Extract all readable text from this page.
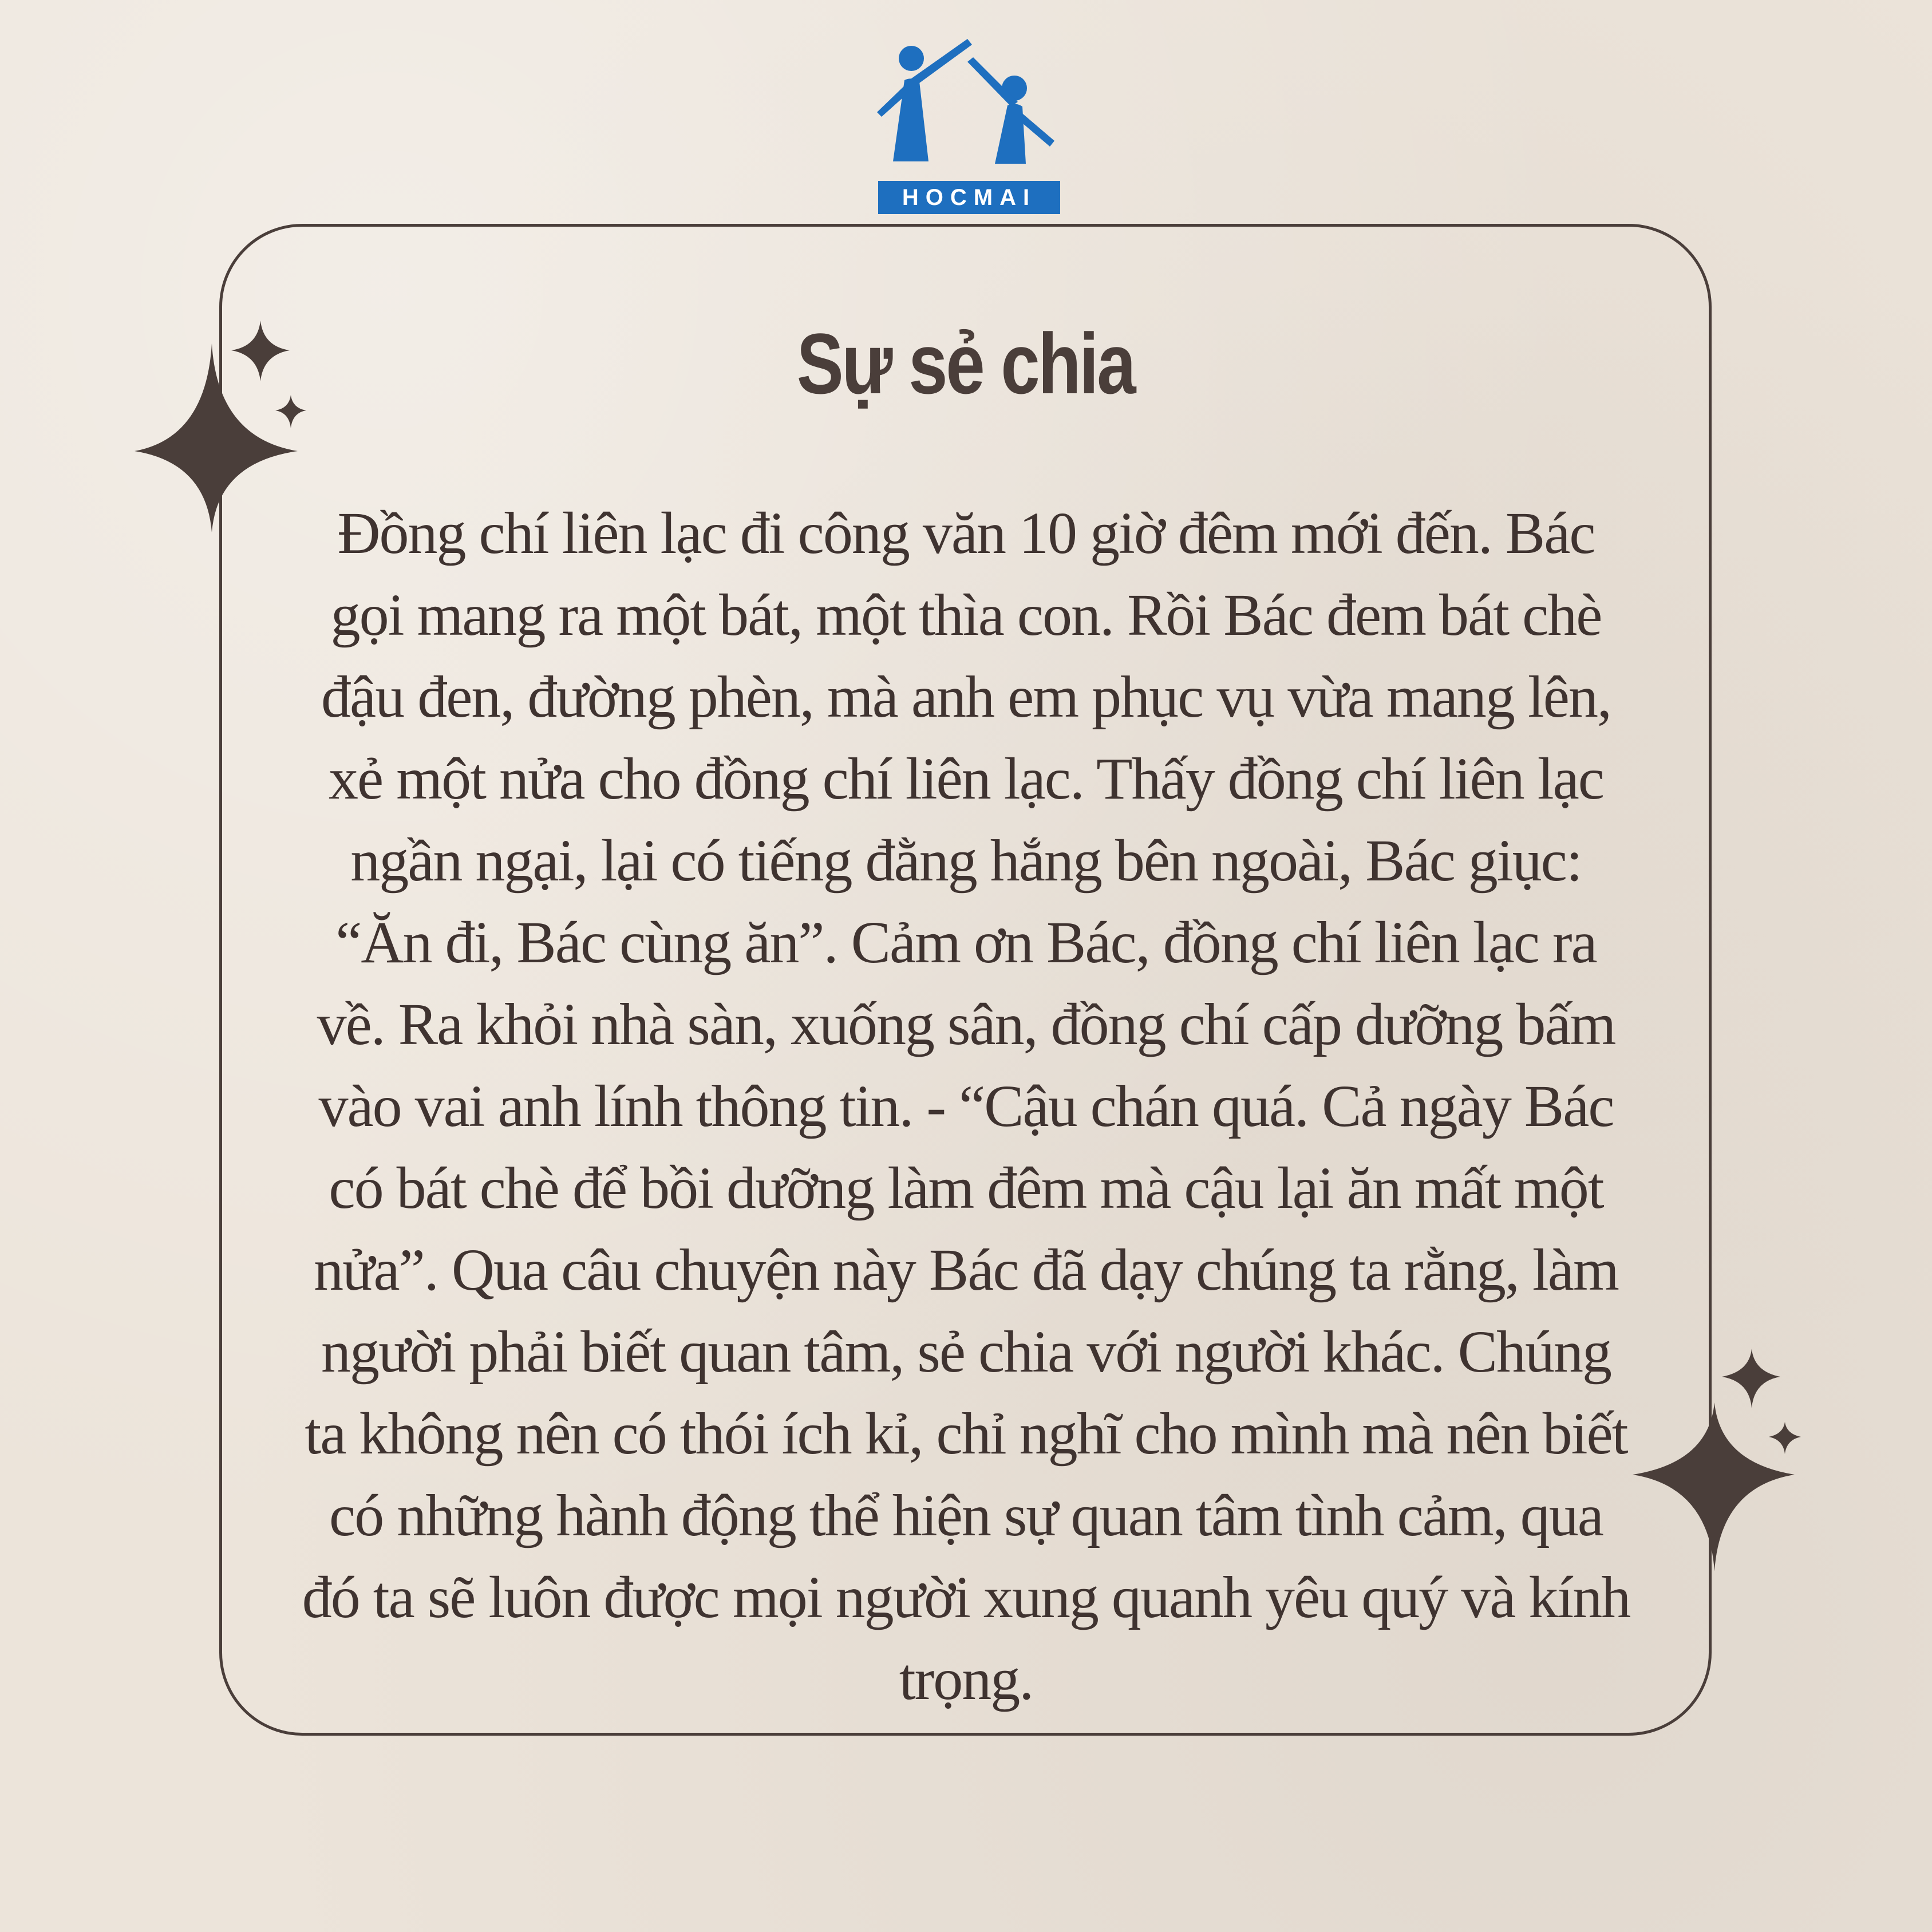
HOCMAI
Sự sẻ chia

Đồng chí liên lạc đi công văn 10 giờ đêm mới đến. Bác gọi mang ra một bát, một thìa con. Rồi Bác đem bát chè đậu đen, đường phèn, mà anh em phục vụ vừa mang lên, xẻ một nửa cho đồng chí liên lạc. Thấy đồng chí liên lạc ngần ngại, lại có tiếng đằng hắng bên ngoài, Bác giục: “Ăn đi, Bác cùng ăn”. Cảm ơn Bác, đồng chí liên lạc ra về. Ra khỏi nhà sàn, xuống sân, đồng chí cấp dưỡng bấm vào vai anh lính thông tin. - “Cậu chán quá. Cả ngày Bác có bát chè để bồi dưỡng làm đêm mà cậu lại ăn mất một nửa”. Qua câu chuyện này Bác đã dạy chúng ta rằng, làm người phải biết quan tâm, sẻ chia với người khác. Chúng ta không nên có thói ích kỉ, chỉ nghĩ cho mình mà nên biết có những hành động thể hiện sự quan tâm tình cảm, qua đó ta sẽ luôn được mọi người xung quanh yêu quý và kính trọng.
